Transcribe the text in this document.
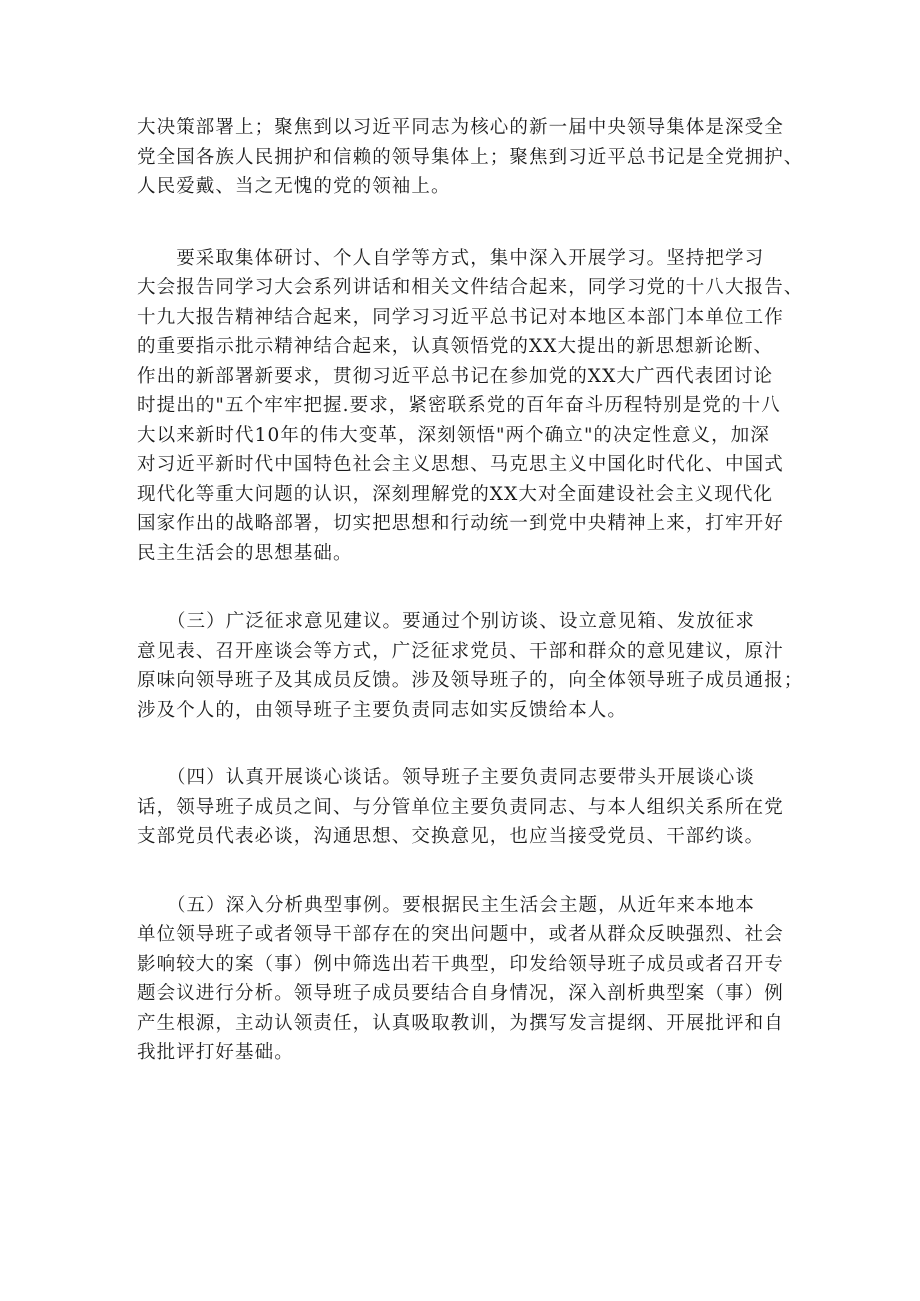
大决策部署上；聚焦到以习近平同志为核心的新一届中央领导集体是深受全
党全国各族人民拥护和信赖的领导集体上；聚焦到习近平总书记是全党拥护、
人民爱戴、当之无愧的党的领袖上。

　　要采取集体研讨、个人自学等方式，集中深入开展学习。坚持把学习
大会报告同学习大会系列讲话和相关文件结合起来，同学习党的十八大报告、
十九大报告精神结合起来，同学习习近平总书记对本地区本部门本单位工作
的重要指示批示精神结合起来，认真领悟党的XX大提出的新思想新论断、
作出的新部署新要求，贯彻习近平总书记在参加党的XX大广西代表团讨论
时提出的"五个牢牢把握.要求，紧密联系党的百年奋斗历程特别是党的十八
大以来新时代10年的伟大变革，深刻领悟"两个确立"的决定性意义，加深
对习近平新时代中国特色社会主义思想、马克思主义中国化时代化、中国式
现代化等重大问题的认识，深刻理解党的XX大对全面建设社会主义现代化
国家作出的战略部署，切实把思想和行动统一到党中央精神上来，打牢开好
民主生活会的思想基础。

　　（三）广泛征求意见建议。要通过个别访谈、设立意见箱、发放征求
意见表、召开座谈会等方式，广泛征求党员、干部和群众的意见建议，原汁
原味向领导班子及其成员反馈。涉及领导班子的，向全体领导班子成员通报；
涉及个人的，由领导班子主要负责同志如实反馈给本人。

　　（四）认真开展谈心谈话。领导班子主要负责同志要带头开展谈心谈
话，领导班子成员之间、与分管单位主要负责同志、与本人组织关系所在党
支部党员代表必谈，沟通思想、交换意见，也应当接受党员、干部约谈。

　　（五）深入分析典型事例。要根据民主生活会主题，从近年来本地本
单位领导班子或者领导干部存在的突出问题中，或者从群众反映强烈、社会
影响较大的案（事）例中筛选出若干典型，印发给领导班子成员或者召开专
题会议进行分析。领导班子成员要结合自身情况，深入剖析典型案（事）例
产生根源，主动认领责任，认真吸取教训，为撰写发言提纲、开展批评和自
我批评打好基础。
